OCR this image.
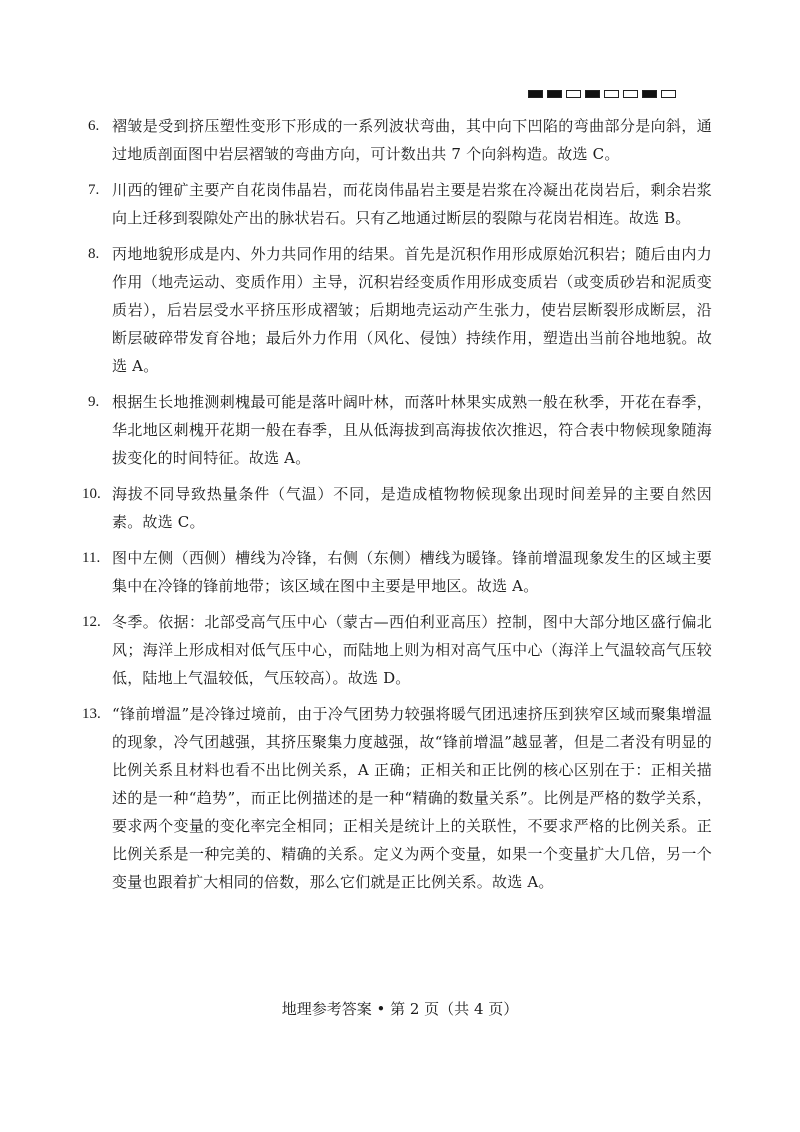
6. 褶皱是受到挤压塑性变形下形成的一系列波状弯曲，其中向下凹陷的弯曲部分是向斜，通过地质剖面图中岩层褶皱的弯曲方向，可计数出共 7 个向斜构造。故选 C。
7. 川西的锂矿主要产自花岗伟晶岩，而花岗伟晶岩主要是岩浆在冷凝出花岗岩后，剩余岩浆向上迁移到裂隙处产出的脉状岩石。只有乙地通过断层的裂隙与花岗岩相连。故选 B。
8. 丙地地貌形成是内、外力共同作用的结果。首先是沉积作用形成原始沉积岩；随后由内力作用（地壳运动、变质作用）主导，沉积岩经变质作用形成变质岩（或变质砂岩和泥质变质岩），后岩层受水平挤压形成褶皱；后期地壳运动产生张力，使岩层断裂形成断层，沿断层破碎带发育谷地；最后外力作用（风化、侵蚀）持续作用，塑造出当前谷地地貌。故选 A。
9. 根据生长地推测刺槐最可能是落叶阔叶林，而落叶林果实成熟一般在秋季，开花在春季，华北地区刺槐开花期一般在春季，且从低海拔到高海拔依次推迟，符合表中物候现象随海拔变化的时间特征。故选 A。
10. 海拔不同导致热量条件（气温）不同，是造成植物物候现象出现时间差异的主要自然因素。故选 C。
11. 图中左侧（西侧）槽线为冷锋，右侧（东侧）槽线为暖锋。锋前增温现象发生的区域主要集中在冷锋的锋前地带；该区域在图中主要是甲地区。故选 A。
12. 冬季。依据：北部受高气压中心（蒙古—西伯利亚高压）控制，图中大部分地区盛行偏北风；海洋上形成相对低气压中心，而陆地上则为相对高气压中心（海洋上气温较高气压较低，陆地上气温较低，气压较高）。故选 D。
13. “锋前增温”是冷锋过境前，由于冷气团势力较强将暖气团迅速挤压到狭窄区域而聚集增温的现象，冷气团越强，其挤压聚集力度越强，故“锋前增温”越显著，但是二者没有明显的比例关系且材料也看不出比例关系，A 正确；正相关和正比例的核心区别在于：正相关描述的是一种“趋势”，而正比例描述的是一种“精确的数量关系”。比例是严格的数学关系，要求两个变量的变化率完全相同；正相关是统计上的关联性，不要求严格的比例关系。正比例关系是一种完美的、精确的关系。定义为两个变量，如果一个变量扩大几倍，另一个变量也跟着扩大相同的倍数，那么它们就是正比例关系。故选 A。
地理参考答案 • 第 2 页（共 4 页）
